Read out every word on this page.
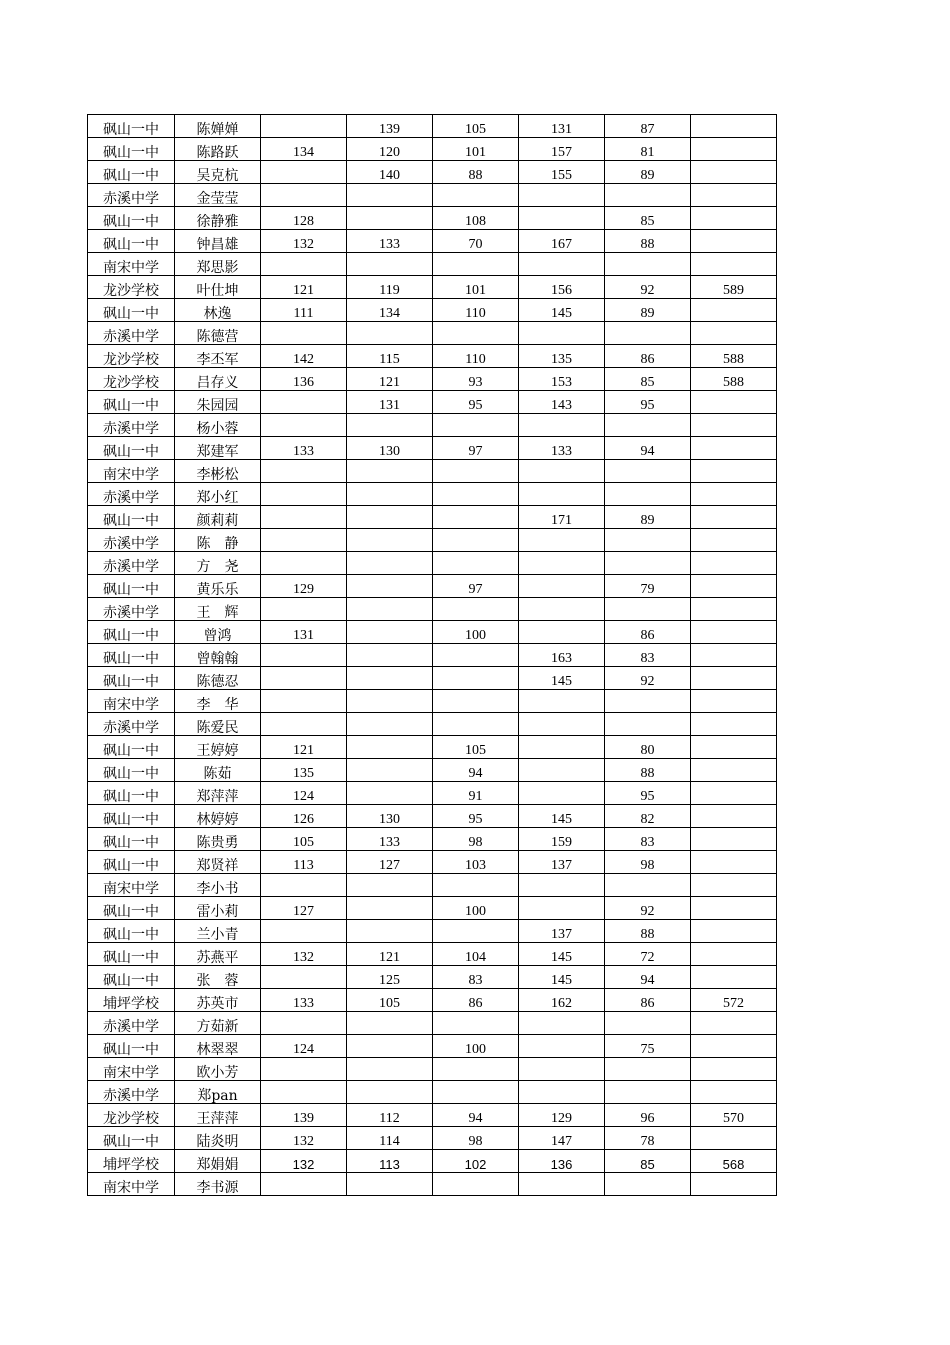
砜山一中	陈婵婵		139	105	131	87	
砜山一中	陈路跃	134	120	101	157	81	
砜山一中	吴克杭		140	88	155	89	
赤溪中学	金莹莹						
砜山一中	徐静雅	128		108		85	
砜山一中	钟昌雄	132	133	70	167	88	
南宋中学	郑思影						
龙沙学校	叶仕坤	121	119	101	156	92	589
砜山一中	林逸	111	134	110	145	89	
赤溪中学	陈德营						
龙沙学校	李丕军	142	115	110	135	86	588
龙沙学校	吕存义	136	121	93	153	85	588
砜山一中	朱园园		131	95	143	95	
赤溪中学	杨小蓉						
砜山一中	郑建军	133	130	97	133	94	
南宋中学	李彬松						
赤溪中学	郑小红						
砜山一中	颜莉莉				171	89	
赤溪中学	陈　静						
赤溪中学	方　尧						
砜山一中	黄乐乐	129		97		79	
赤溪中学	王　辉						
砜山一中	曾鸿	131		100		86	
砜山一中	曾翰翰				163	83	
砜山一中	陈德忍				145	92	
南宋中学	李　华						
赤溪中学	陈爱民						
砜山一中	王婷婷	121		105		80	
砜山一中	陈茹	135		94		88	
砜山一中	郑萍萍	124		91		95	
砜山一中	林婷婷	126	130	95	145	82	
砜山一中	陈贵勇	105	133	98	159	83	
砜山一中	郑贤祥	113	127	103	137	98	
南宋中学	李小书						
砜山一中	雷小莉	127		100		92	
砜山一中	兰小青				137	88	
砜山一中	苏燕平	132	121	104	145	72	
砜山一中	张　蓉		125	83	145	94	
埔坪学校	苏英市	133	105	86	162	86	572
赤溪中学	方茹新						
砜山一中	林翠翠	124		100		75	
南宋中学	欧小芳						
赤溪中学	郑pan						
龙沙学校	王萍萍	139	112	94	129	96	570
砜山一中	陆炎明	132	114	98	147	78	
埔坪学校	郑娟娟	132	113	102	136	85	568
南宋中学	李书源						
